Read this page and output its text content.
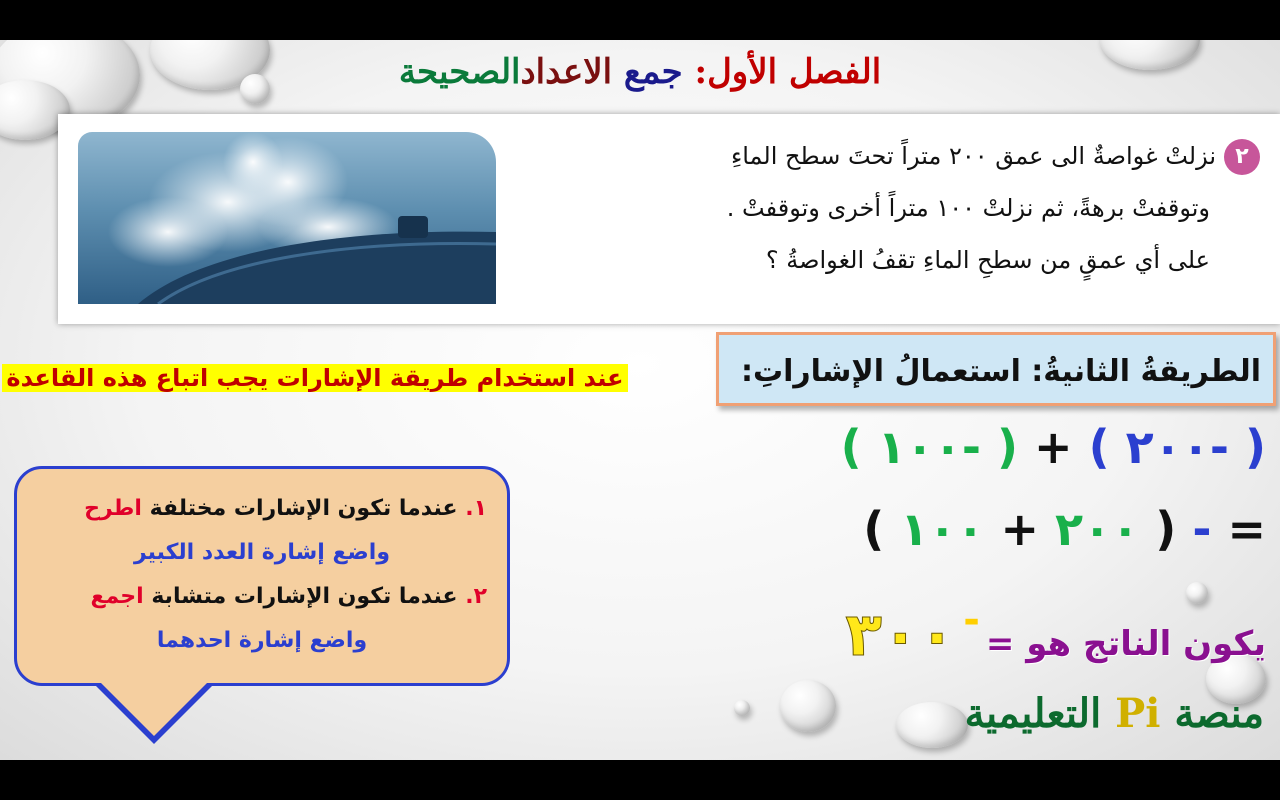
الفصل الأول: جمع الاعدادالصحيحة
٢نزلتْ غواصةٌ الى عمق ٢٠٠ متراً تحتَ سطح الماءِ
وتوقفتْ برهةً، ثم نزلتْ ١٠٠ متراً أخرى وتوقفتْ .
على أي عمقٍ من سطحِ الماءِ تقفُ الغواصةُ ؟
الطريقةُ الثانيةُ: استعمالُ الإشاراتِ:
عند استخدام طريقة الإشارات يجب اتباع هذه القاعدة
١. عندما تكون الإشارات مختلفة اطرح
واضع إشارة العدد الكبير
٢. عندما تكون الإشارات متشابة اجمع
واضع إشارة احدهما
( -٢٠٠ ) + ( -١٠٠ )
= - ( ٢٠٠ + ١٠٠ )
يكون الناتج هو =-٣٠٠
منصة Pi التعليمية
